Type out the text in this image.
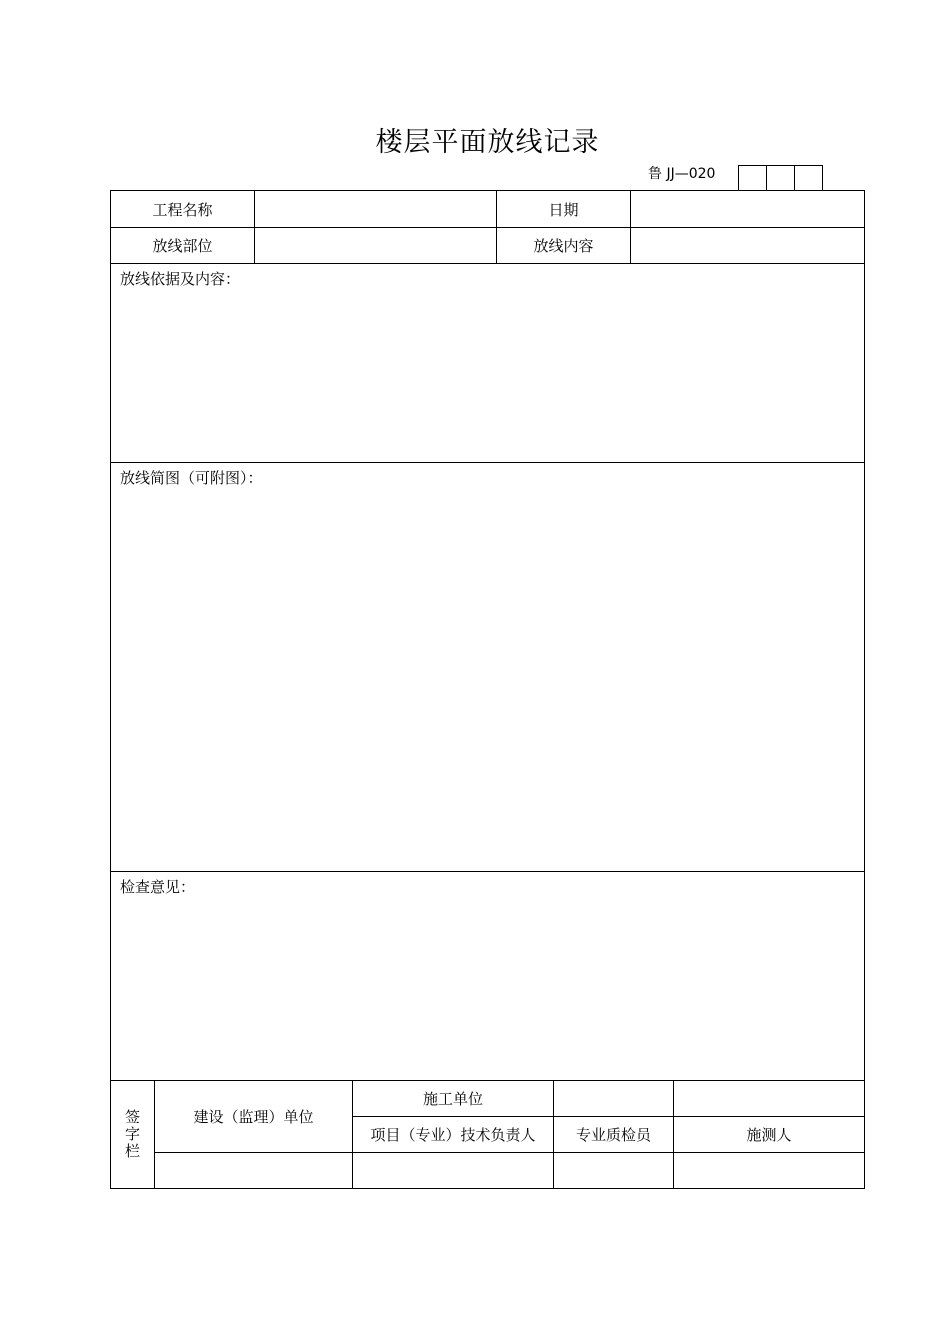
楼层平面放线记录
鲁 JJ—020
工程名称				日期			
放线部位				放线内容			
放线依据及内容：							
放线简图（可附图）：							
检查意见：							

签字栏	建设（监理）单位		施工单位				
			项目（专业）技术负责人		专业质检员		施测人
